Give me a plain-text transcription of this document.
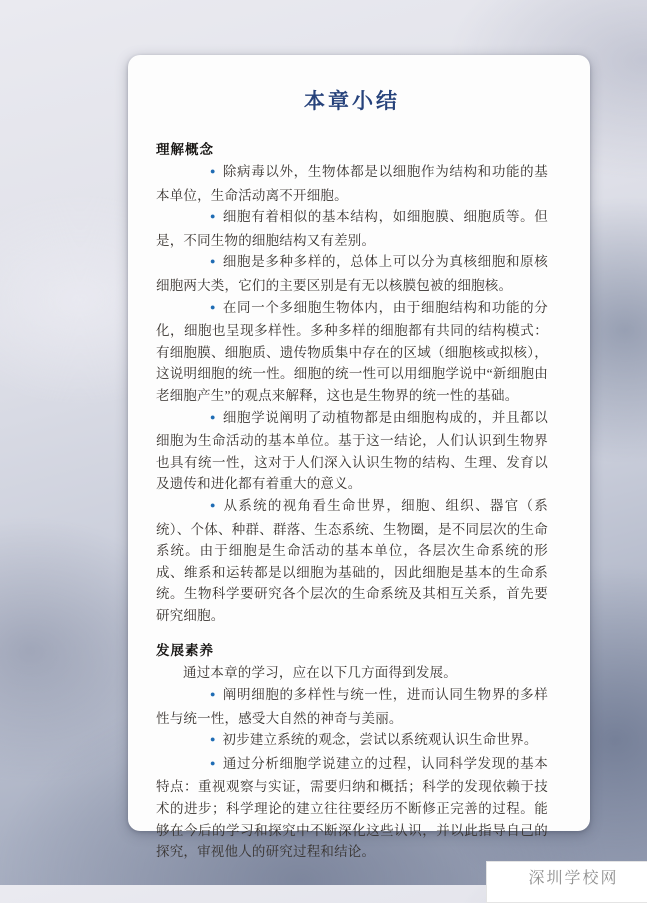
本章小结
理解概念

● 除病毒以外，生物体都是以细胞作为结构和功能的基本单位，生命活动离不开细胞。

● 细胞有着相似的基本结构，如细胞膜、细胞质等。但是，不同生物的细胞结构又有差别。

● 细胞是多种多样的，总体上可以分为真核细胞和原核细胞两大类，它们的主要区别是有无以核膜包被的细胞核。

● 在同一个多细胞生物体内，由于细胞结构和功能的分化，细胞也呈现多样性。多种多样的细胞都有共同的结构模式：有细胞膜、细胞质、遗传物质集中存在的区域（细胞核或拟核），这说明细胞的统一性。细胞的统一性可以用细胞学说中“新细胞由老细胞产生”的观点来解释，这也是生物界的统一性的基础。

● 细胞学说阐明了动植物都是由细胞构成的，并且都以细胞为生命活动的基本单位。基于这一结论，人们认识到生物界也具有统一性，这对于人们深入认识生物的结构、生理、发育以及遗传和进化都有着重大的意义。

● 从系统的视角看生命世界，细胞、组织、器官（系统）、个体、种群、群落、生态系统、生物圈，是不同层次的生命系统。由于细胞是生命活动的基本单位，各层次生命系统的形成、维系和运转都是以细胞为基础的，因此细胞是基本的生命系统。生物科学要研究各个层次的生命系统及其相互关系，首先要研究细胞。

发展素养

通过本章的学习，应在以下几方面得到发展。

● 阐明细胞的多样性与统一性，进而认同生物界的多样性与统一性，感受大自然的神奇与美丽。

● 初步建立系统的观念，尝试以系统观认识生命世界。

● 通过分析细胞学说建立的过程，认同科学发现的基本特点：重视观察与实证，需要归纳和概括；科学的发现依赖于技术的进步；科学理论的建立往往要经历不断修正完善的过程。能够在今后的学习和探究中不断深化这些认识，并以此指导自己的探究，审视他人的研究过程和结论。

深圳学校网
